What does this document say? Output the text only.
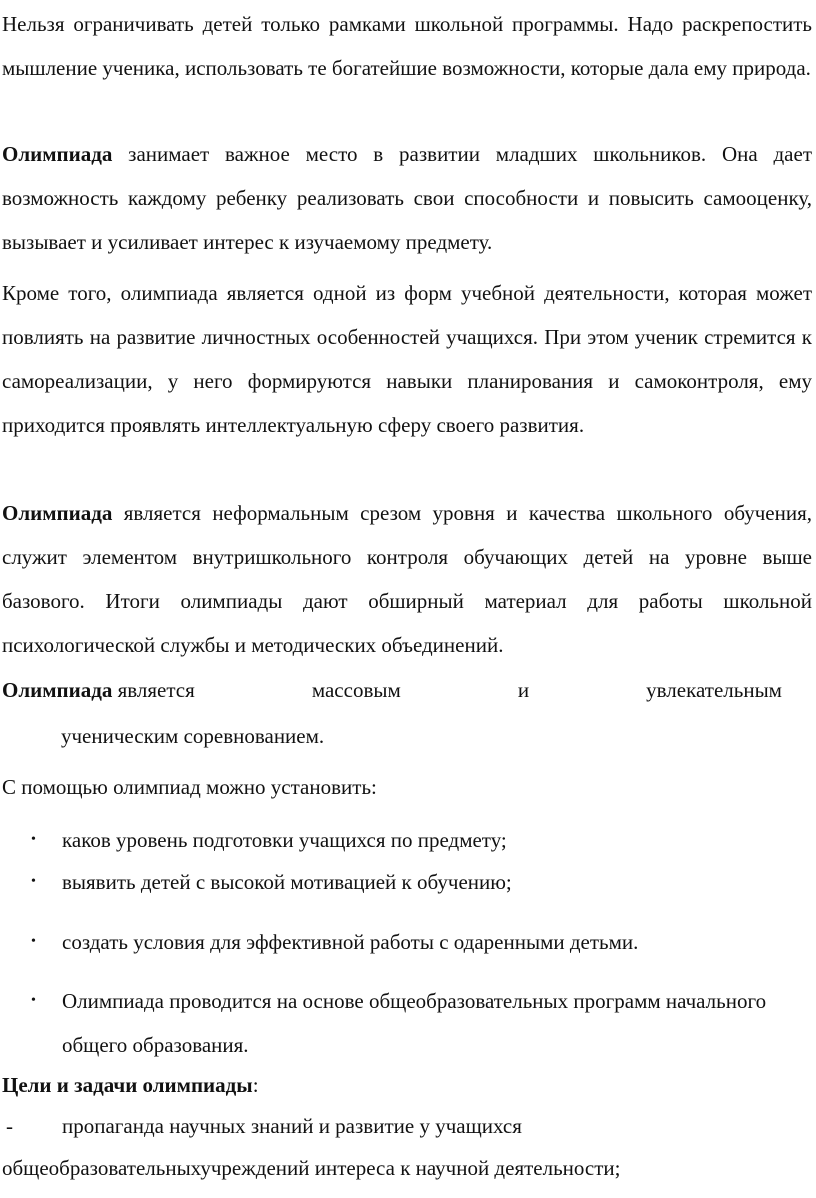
Нельзя ограничивать детей только рамками школьной программы. Надо раскрепостить мышление ученика, использовать те богатейшие возможности, которые дала ему природа.

Олимпиада занимает важное место в развитии младших школьников. Она дает возможность каждому ребенку реализовать свои способности и повысить самооценку, вызывает и усиливает интерес к изучаемому предмету.

Кроме того, олимпиада является одной из форм учебной деятельности, которая может повлиять на развитие личностных особенностей учащихся. При этом ученик стремится к самореализации, у него формируются навыки планирования и самоконтроля, ему приходится проявлять интеллектуальную сферу своего развития.

Олимпиада является неформальным срезом уровня и качества школьного обучения, служит элементом внутришкольного контроля обучающих детей на уровне выше базового. Итоги олимпиады дают обширный материал для работы школьной психологической службы и методических объединений.

Олимпиада является	массовым	и	увлекательным
ученическим соревнованием.
С помощью олимпиад можно установить:
• каков уровень подготовки учащихся по предмету;
• выявить детей с высокой мотивацией к обучению;
• создать условия для эффективной работы с одаренными детьми.
• Олимпиада проводится на основе общеобразовательных программ начального общего образования.
Цели и задачи олимпиады:
- пропаганда научных знаний и развитие у учащихся
общеобразовательныхучреждений интереса к научной деятельности;
